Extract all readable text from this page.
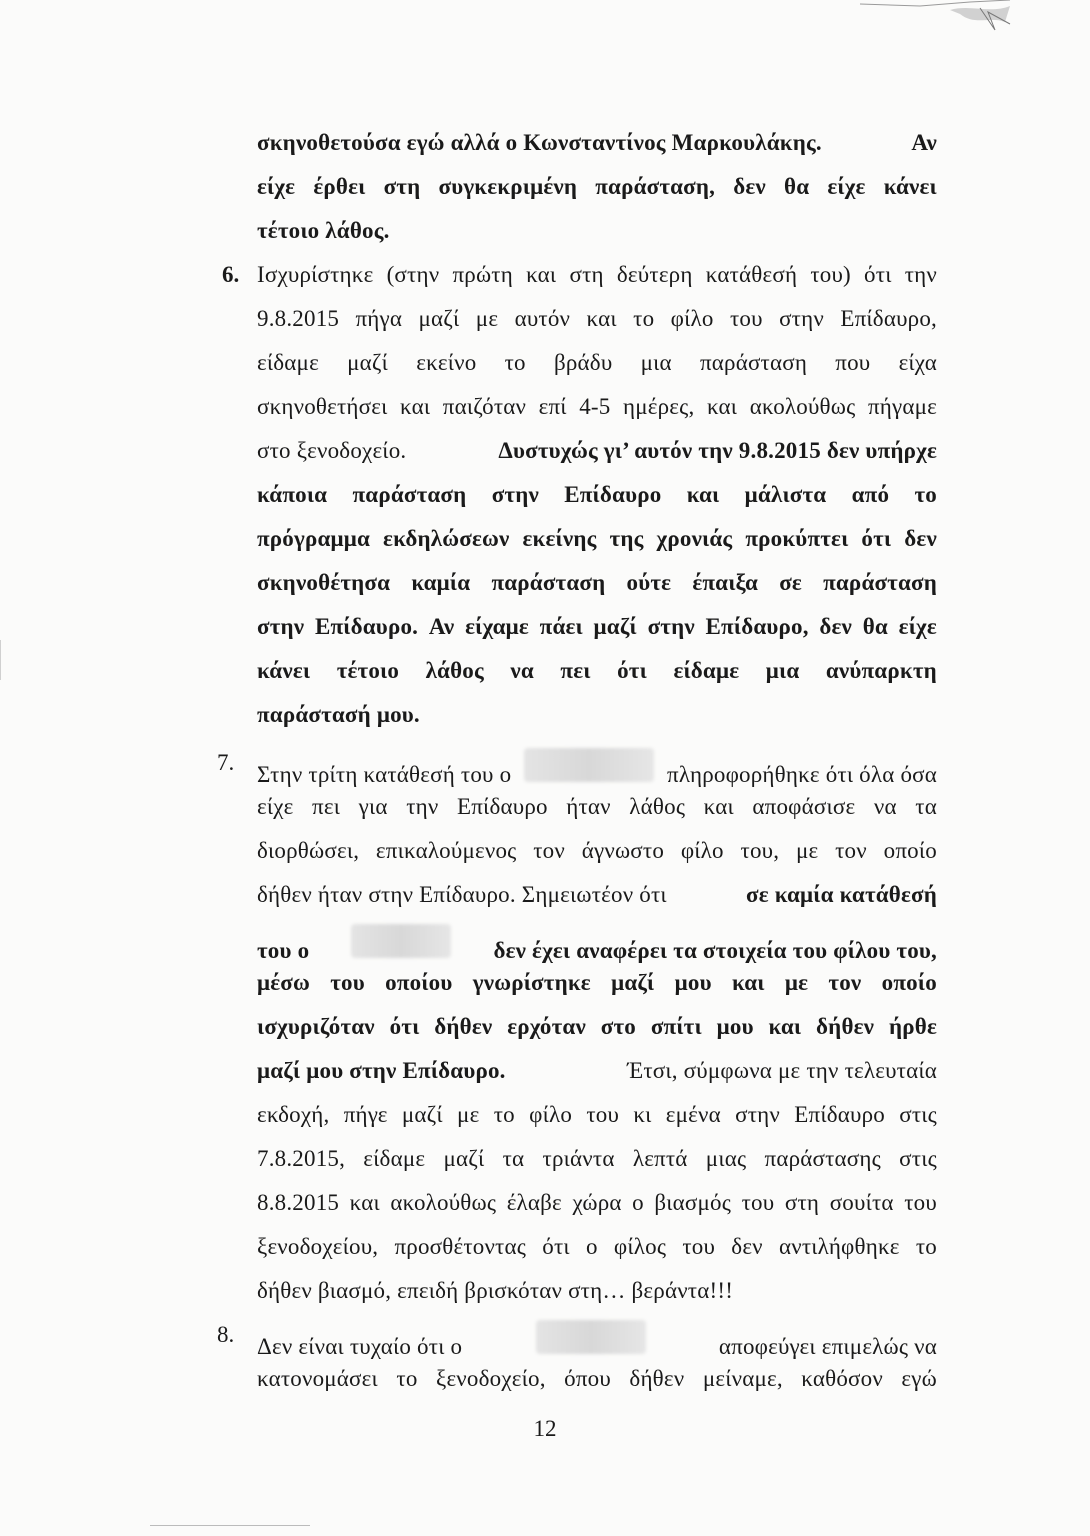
σκηνοθετούσα εγώ αλλά ο Κωνσταντίνος Μαρκουλάκης.	Αν
είχε έρθει στη συγκεκριμένη παράσταση, δεν θα είχε κάνει
τέτοιο λάθος.
6. Ισχυρίστηκε (στην πρώτη και στη δεύτερη κατάθεσή του) ότι την
9.8.2015 πήγα μαζί με αυτόν και το φίλο του στην Επίδαυρο,
είδαμε μαζί εκείνο το βράδυ μια παράσταση που είχα
σκηνοθετήσει και παιζόταν επί 4-5 ημέρες, και ακολούθως πήγαμε
στο ξενοδοχείο.	Δυστυχώς γι’ αυτόν την 9.8.2015 δεν υπήρχε
κάποια παράσταση στην Επίδαυρο και μάλιστα από το
πρόγραμμα εκδηλώσεων εκείνης της χρονιάς προκύπτει ότι δεν
σκηνοθέτησα καμία παράσταση ούτε έπαιξα σε παράσταση
στην Επίδαυρο. Αν είχαμε πάει μαζί στην Επίδαυρο, δεν θα είχε
κάνει τέτοιο λάθος να πει ότι είδαμε μια ανύπαρκτη
παράστασή μου.
7. Στην τρίτη κατάθεσή του ο	πληροφορήθηκε ότι όλα όσα
είχε πει για την Επίδαυρο ήταν λάθος και αποφάσισε να τα
διορθώσει, επικαλούμενος τον άγνωστο φίλο του, με τον οποίο
δήθεν ήταν στην Επίδαυρο. Σημειωτέον ότι	σε καμία κατάθεσή
του ο	δεν έχει αναφέρει τα στοιχεία του φίλου του,
μέσω του οποίου γνωρίστηκε μαζί μου και με τον οποίο
ισχυριζόταν ότι δήθεν ερχόταν στο σπίτι μου και δήθεν ήρθε
μαζί μου στην Επίδαυρο.	Έτσι, σύμφωνα με την τελευταία
εκδοχή, πήγε μαζί με το φίλο του κι εμένα στην Επίδαυρο στις
7.8.2015, είδαμε μαζί τα τριάντα λεπτά μιας παράστασης στις
8.8.2015 και ακολούθως έλαβε χώρα ο βιασμός του στη σουίτα του
ξενοδοχείου, προσθέτοντας ότι ο φίλος του δεν αντιλήφθηκε το
δήθεν βιασμό, επειδή βρισκόταν στη… βεράντα!!!
8. Δεν είναι τυχαίο ότι ο	αποφεύγει επιμελώς να
κατονομάσει το ξενοδοχείο, όπου δήθεν μείναμε, καθόσον εγώ
12
